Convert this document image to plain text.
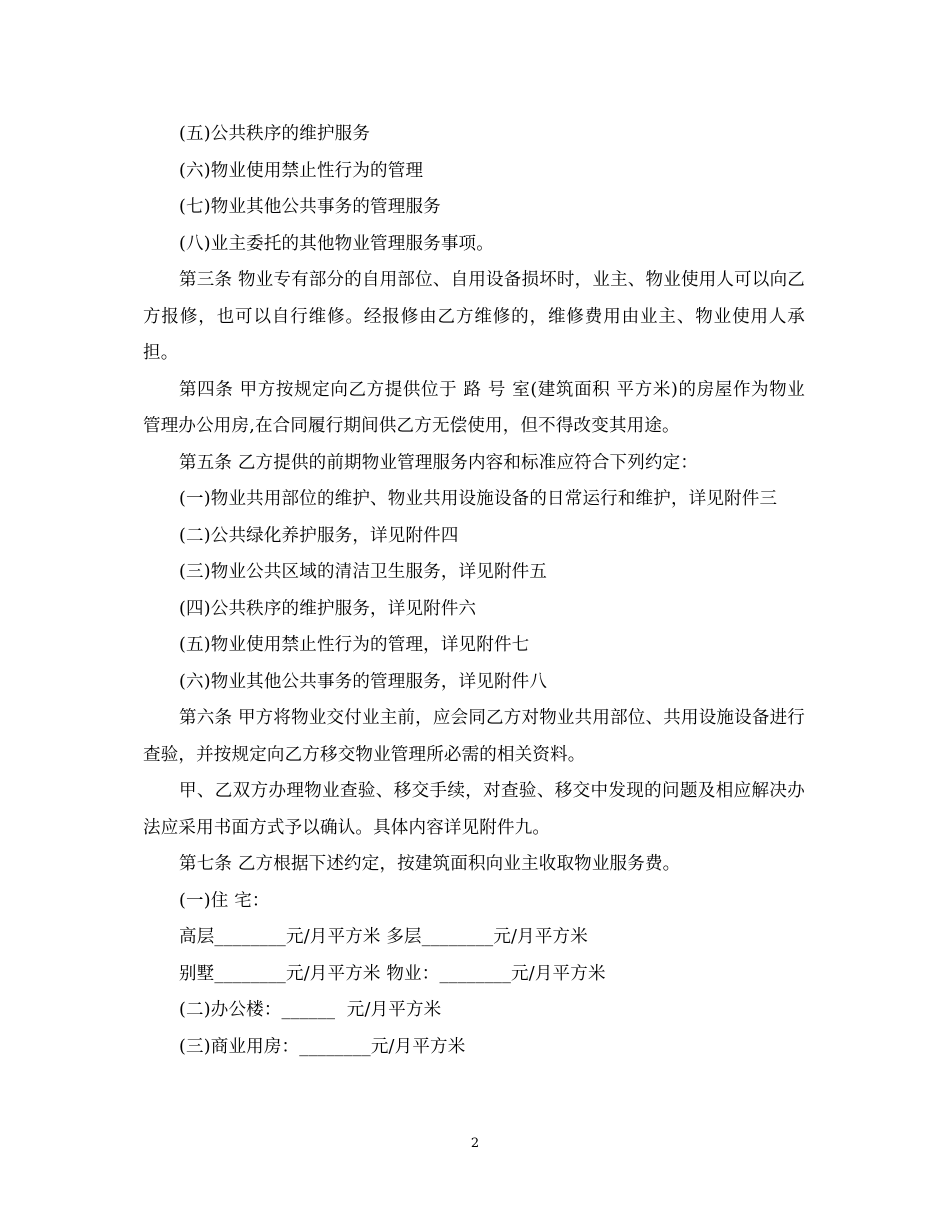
(五)公共秩序的维护服务

(六)物业使用禁止性行为的管理

(七)物业其他公共事务的管理服务

(八)业主委托的其他物业管理服务事项。

第三条 物业专有部分的自用部位、自用设备损坏时，业主、物业使用人可以向乙方报修，也可以自行维修。经报修由乙方维修的，维修费用由业主、物业使用人承担。

第四条 甲方按规定向乙方提供位于 路 号 室(建筑面积 平方米)的房屋作为物业管理办公用房,在合同履行期间供乙方无偿使用，但不得改变其用途。

第五条 乙方提供的前期物业管理服务内容和标准应符合下列约定：

(一)物业共用部位的维护、物业共用设施设备的日常运行和维护，详见附件三

(二)公共绿化养护服务，详见附件四

(三)物业公共区域的清洁卫生服务，详见附件五

(四)公共秩序的维护服务，详见附件六

(五)物业使用禁止性行为的管理，详见附件七

(六)物业其他公共事务的管理服务，详见附件八

第六条 甲方将物业交付业主前，应会同乙方对物业共用部位、共用设施设备进行查验，并按规定向乙方移交物业管理所必需的相关资料。

甲、乙双方办理物业查验、移交手续，对查验、移交中发现的问题及相应解决办法应采用书面方式予以确认。具体内容详见附件九。

第七条 乙方根据下述约定，按建筑面积向业主收取物业服务费。

(一)住 宅：

高层________元/月平方米 多层________元/月平方米

别墅________元/月平方米 物业：________元/月平方米

(二)办公楼：______  元/月平方米

(三)商业用房：________元/月平方米

2
